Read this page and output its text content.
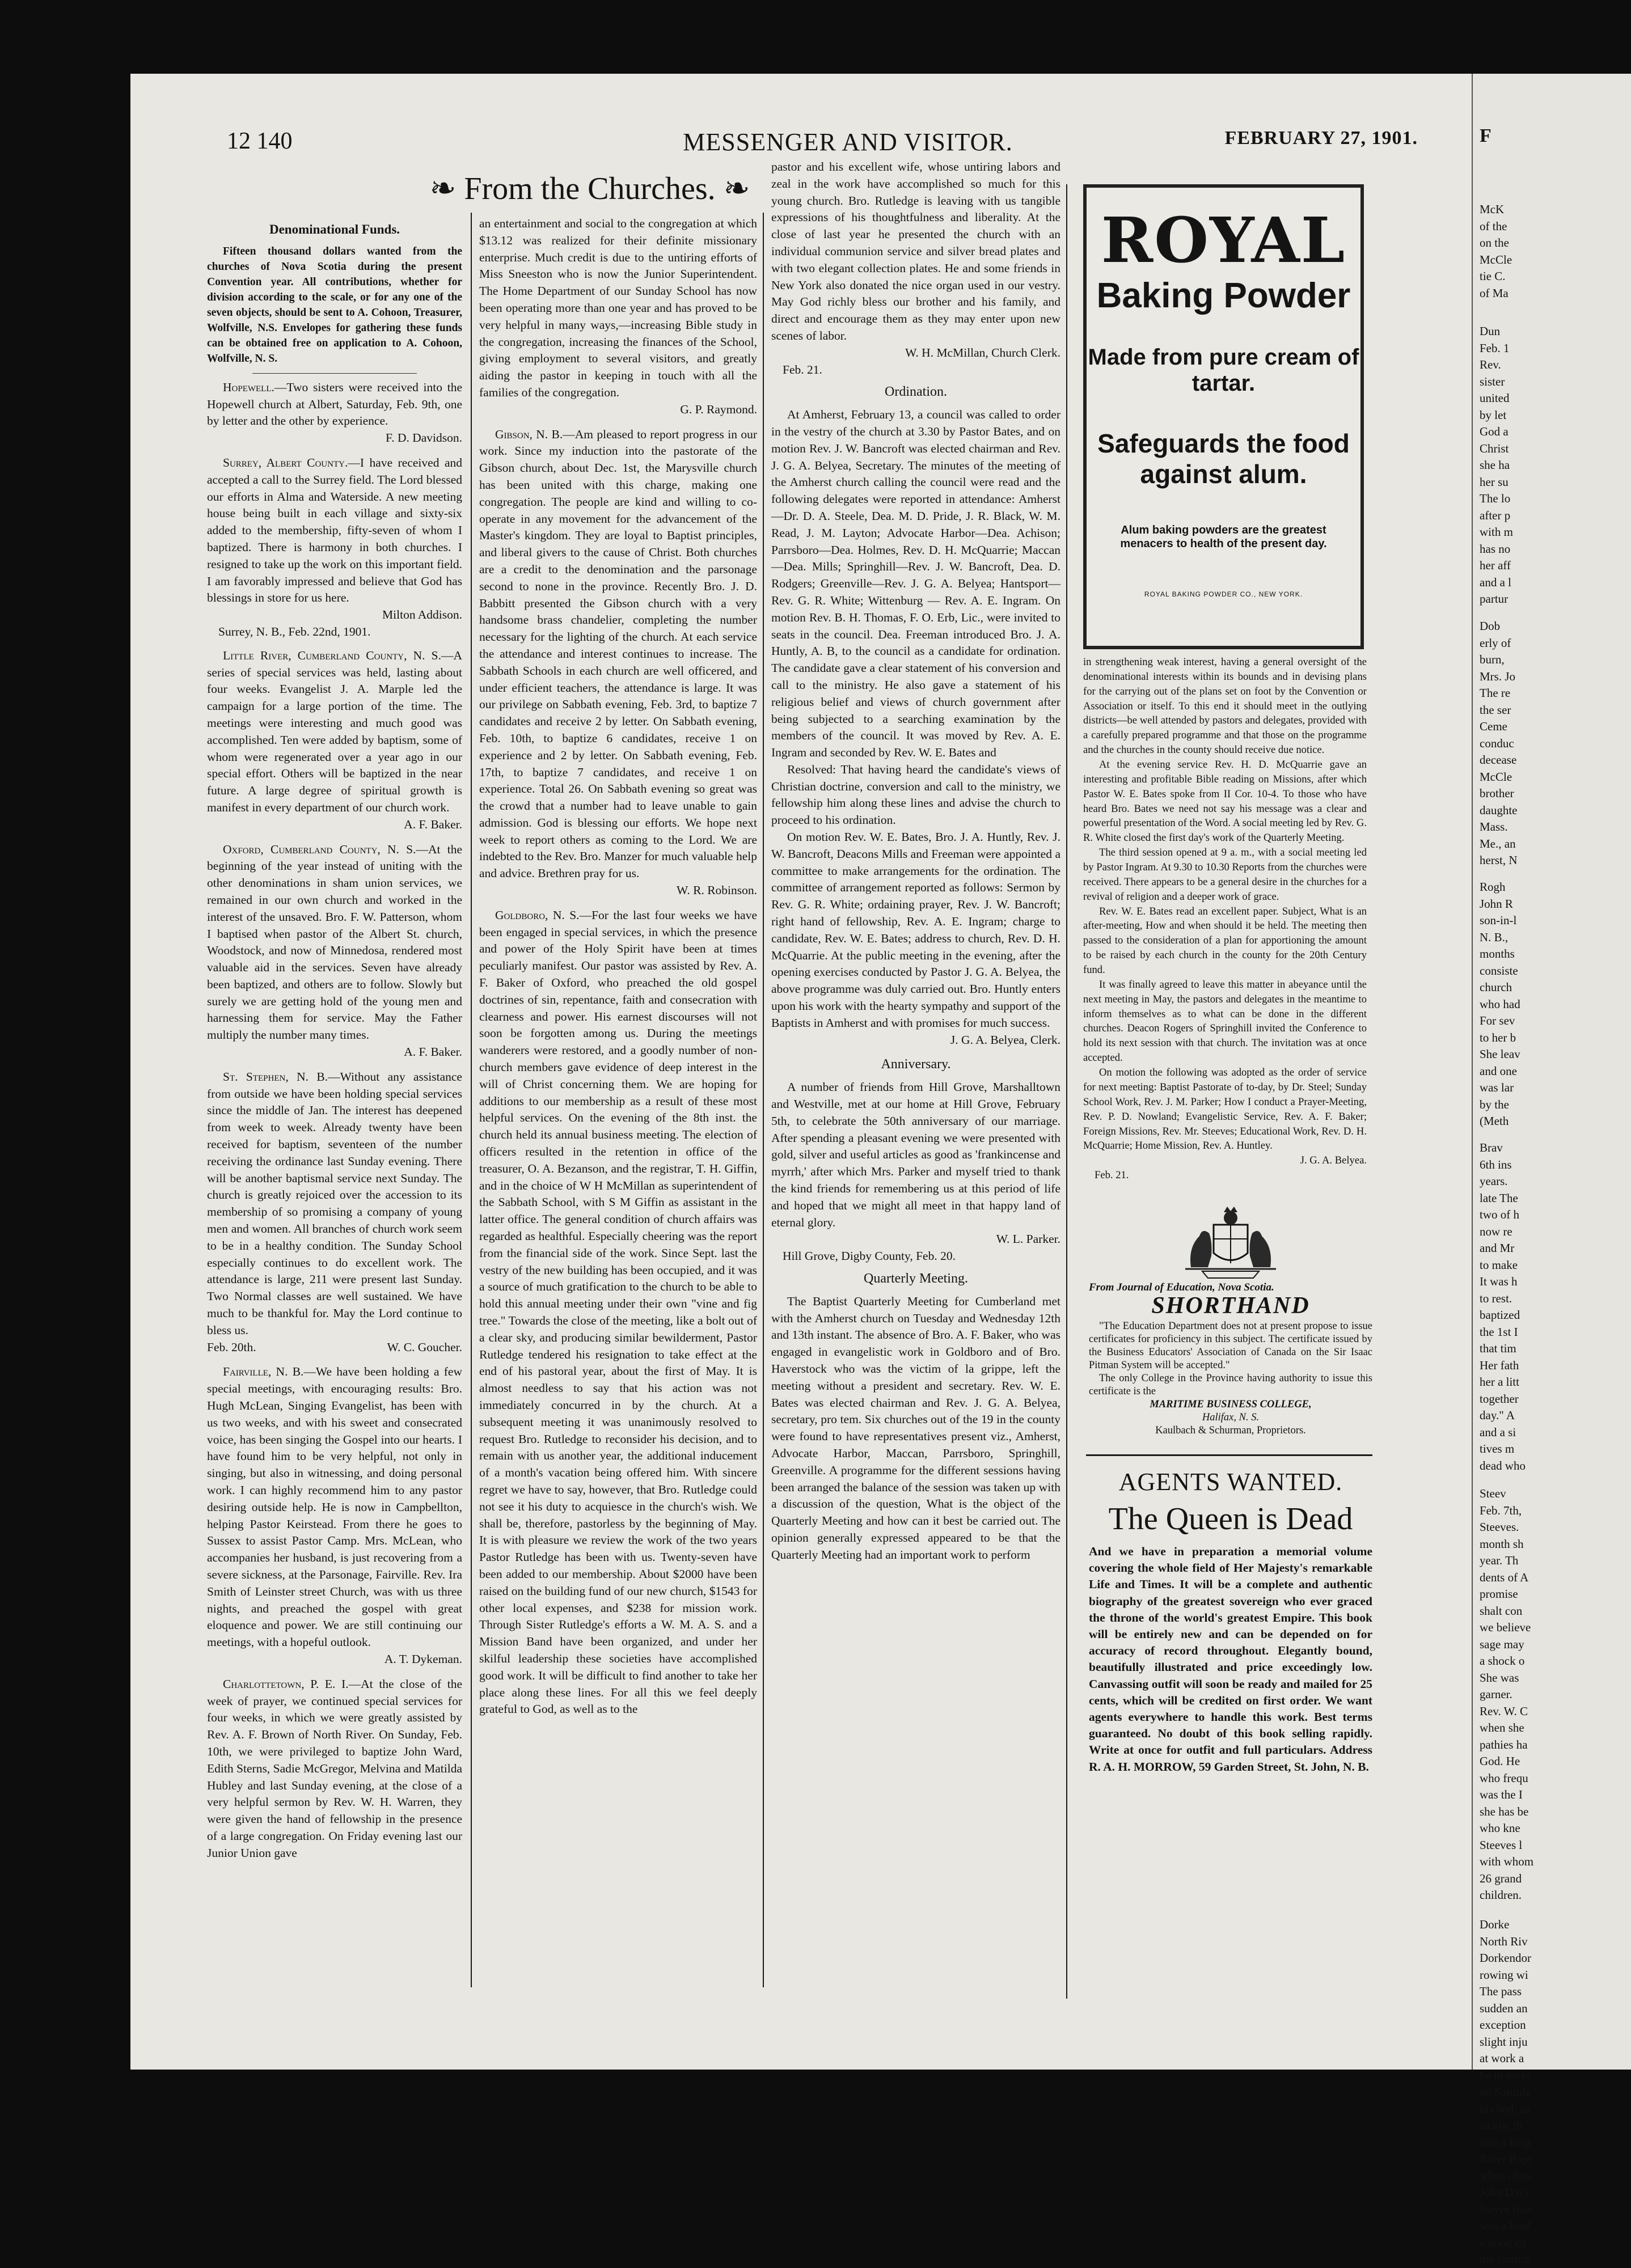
12 140	MESSENGER AND VISITOR.	FEBRUARY 27, 1901.
❧ From the Churches. ❧
Denominational Funds.

Fifteen thousand dollars wanted from the churches of Nova Scotia during the present Convention year. All contributions, whether for division according to the scale, or for any one of the seven objects, should be sent to A. Cohoon, Treasurer, Wolfville, N.S. Envelopes for gathering these funds can be obtained free on application to A. Cohoon, Wolfville, N. S.

Hopewell.—Two sisters were received into the Hopewell church at Albert, Saturday, Feb. 9th, one by letter and the other by experience.

F. D. Davidson.

Surrey, Albert County.—I have received and accepted a call to the Surrey field. The Lord blessed our efforts in Alma and Waterside. A new meeting house being built in each village and sixty-six added to the membership, fifty-seven of whom I baptized. There is harmony in both churches. I resigned to take up the work on this important field. I am favorably impressed and believe that God has blessings in store for us here.

Milton Addison.

Surrey, N. B., Feb. 22nd, 1901.

Little River, Cumberland County, N. S.—A series of special services was held, lasting about four weeks. Evangelist J. A. Marple led the campaign for a large portion of the time. The meetings were interesting and much good was accomplished. Ten were added by baptism, some of whom were regenerated over a year ago in our special effort. Others will be baptized in the near future. A large degree of spiritual growth is manifest in every department of our church work.

A. F. Baker.

Oxford, Cumberland County, N. S.—At the beginning of the year instead of uniting with the other denominations in sham union services, we remained in our own church and worked in the interest of the unsaved. Bro. F. W. Patterson, whom I baptised when pastor of the Albert St. church, Woodstock, and now of Minnedosa, rendered most valuable aid in the services. Seven have already been baptized, and others are to follow. Slowly but surely we are getting hold of the young men and harnessing them for service. May the Father multiply the number many times.

A. F. Baker.

St. Stephen, N. B.—Without any assistance from outside we have been holding special services since the middle of Jan. The interest has deepened from week to week. Already twenty have been received for baptism, seventeen of the number receiving the ordinance last Sunday evening. There will be another baptismal service next Sunday. The church is greatly rejoiced over the accession to its membership of so promising a company of young men and women. All branches of church work seem to be in a healthy condition. The Sunday School especially continues to do excellent work. The attendance is large, 211 were present last Sunday. Two Normal classes are well sustained. We have much to be thankful for. May the Lord continue to bless us.

Feb. 20th.	W. C. Goucher.

Fairville, N. B.—We have been holding a few special meetings, with encouraging results: Bro. Hugh McLean, Singing Evangelist, has been with us two weeks, and with his sweet and consecrated voice, has been singing the Gospel into our hearts. I have found him to be very helpful, not only in singing, but also in witnessing, and doing personal work. I can highly recommend him to any pastor desiring outside help. He is now in Campbellton, helping Pastor Keirstead. From there he goes to Sussex to assist Pastor Camp. Mrs. McLean, who accompanies her husband, is just recovering from a severe sickness, at the Parsonage, Fairville. Rev. Ira Smith of Leinster street Church, was with us three nights, and preached the gospel with great eloquence and power. We are still continuing our meetings, with a hopeful outlook.

A. T. Dykeman.

Charlottetown, P. E. I.—At the close of the week of prayer, we continued special services for four weeks, in which we were greatly assisted by Rev. A. F. Brown of North River. On Sunday, Feb. 10th, we were privileged to baptize John Ward, Edith Sterns, Sadie McGregor, Melvina and Matilda Hubley and last Sunday evening, at the close of a very helpful sermon by Rev. W. H. Warren, they were given the hand of fellowship in the presence of a large congregation. On Friday evening last our Junior Union gave

an entertainment and social to the congregation at which $13.12 was realized for their definite missionary enterprise. Much credit is due to the untiring efforts of Miss Sneeston who is now the Junior Superintendent. The Home Department of our Sunday School has now been operating more than one year and has proved to be very helpful in many ways,—increasing Bible study in the congregation, increasing the finances of the School, giving employment to several visitors, and greatly aiding the pastor in keeping in touch with all the families of the congregation.

G. P. Raymond.

Gibson, N. B.—Am pleased to report progress in our work. Since my induction into the pastorate of the Gibson church, about Dec. 1st, the Marysville church has been united with this charge, making one congregation. The people are kind and willing to co-operate in any movement for the advancement of the Master's kingdom. They are loyal to Baptist principles, and liberal givers to the cause of Christ. Both churches are a credit to the denomination and the parsonage second to none in the province. Recently Bro. J. D. Babbitt presented the Gibson church with a very handsome brass chandelier, completing the number necessary for the lighting of the church. At each service the attendance and interest continues to increase. The Sabbath Schools in each church are well officered, and under efficient teachers, the attendance is large. It was our privilege on Sabbath evening, Feb. 3rd, to baptize 7 candidates and receive 2 by letter. On Sabbath evening, Feb. 10th, to baptize 6 candidates, receive 1 on experience and 2 by letter. On Sabbath evening, Feb. 17th, to baptize 7 candidates, and receive 1 on experience. Total 26. On Sabbath evening so great was the crowd that a number had to leave unable to gain admission. God is blessing our efforts. We hope next week to report others as coming to the Lord. We are indebted to the Rev. Bro. Manzer for much valuable help and advice. Brethren pray for us.

W. R. Robinson.

Goldboro, N. S.—For the last four weeks we have been engaged in special services, in which the presence and power of the Holy Spirit have been at times peculiarly manifest. Our pastor was assisted by Rev. A. F. Baker of Oxford, who preached the old gospel doctrines of sin, repentance, faith and consecration with clearness and power. His earnest discourses will not soon be forgotten among us. During the meetings wanderers were restored, and a goodly number of non-church members gave evidence of deep interest in the will of Christ concerning them. We are hoping for additions to our membership as a result of these most helpful services. On the evening of the 8th inst. the church held its annual business meeting. The election of officers resulted in the retention in office of the treasurer, O. A. Bezanson, and the registrar, T. H. Giffin, and in the choice of W H McMillan as superintendent of the Sabbath School, with S M Giffin as assistant in the latter office. The general condition of church affairs was regarded as healthful. Especially cheering was the report from the financial side of the work. Since Sept. last the vestry of the new building has been occupied, and it was a source of much gratification to the church to be able to hold this annual meeting under their own "vine and fig tree." Towards the close of the meeting, like a bolt out of a clear sky, and producing similar bewilderment, Pastor Rutledge tendered his resignation to take effect at the end of his pastoral year, about the first of May. It is almost needless to say that his action was not immediately concurred in by the church. At a subsequent meeting it was unanimously resolved to request Bro. Rutledge to reconsider his decision, and to remain with us another year, the additional inducement of a month's vacation being offered him. With sincere regret we have to say, however, that Bro. Rutledge could not see it his duty to acquiesce in the church's wish. We shall be, therefore, pastorless by the beginning of May. It is with pleasure we review the work of the two years Pastor Rutledge has been with us. Twenty-seven have been added to our membership. About $2000 have been raised on the building fund of our new church, $1543 for other local expenses, and $238 for mission work. Through Sister Rutledge's efforts a W. M. A. S. and a Mission Band have been organized, and under her skilful leadership these societies have accomplished good work. It will be difficult to find another to take her place along these lines. For all this we feel deeply grateful to God, as well as to the

pastor and his excellent wife, whose untiring labors and zeal in the work have accomplished so much for this young church. Bro. Rutledge is leaving with us tangible expressions of his thoughtfulness and liberality. At the close of last year he presented the church with an individual communion service and silver bread plates and with two elegant collection plates. He and some friends in New York also donated the nice organ used in our vestry. May God richly bless our brother and his family, and direct and encourage them as they may enter upon new scenes of labor.

W. H. McMillan, Church Clerk.

Feb. 21.

Ordination.

At Amherst, February 13, a council was called to order in the vestry of the church at 3.30 by Pastor Bates, and on motion Rev. J. W. Bancroft was elected chairman and Rev. J. G. A. Belyea, Secretary. The minutes of the meeting of the Amherst church calling the council were read and the following delegates were reported in attendance: Amherst—Dr. D. A. Steele, Dea. M. D. Pride, J. R. Black, W. M. Read, J. M. Layton; Advocate Harbor—Dea. Achison; Parrsboro—Dea. Holmes, Rev. D. H. McQuarrie; Maccan—Dea. Mills; Springhill—Rev. J. W. Bancroft, Dea. D. Rodgers; Greenville—Rev. J. G. A. Belyea; Hantsport—Rev. G. R. White; Wittenburg — Rev. A. E. Ingram. On motion Rev. B. H. Thomas, F. O. Erb, Lic., were invited to seats in the council. Dea. Freeman introduced Bro. J. A. Huntly, A. B, to the council as a candidate for ordination. The candidate gave a clear statement of his conversion and call to the ministry. He also gave a statement of his religious belief and views of church government after being subjected to a searching examination by the members of the council. It was moved by Rev. A. E. Ingram and seconded by Rev. W. E. Bates and

Resolved: That having heard the candidate's views of Christian doctrine, conversion and call to the ministry, we fellowship him along these lines and advise the church to proceed to his ordination.

On motion Rev. W. E. Bates, Bro. J. A. Huntly, Rev. J. W. Bancroft, Deacons Mills and Freeman were appointed a committee to make arrangements for the ordination. The committee of arrangement reported as follows: Sermon by Rev. G. R. White; ordaining prayer, Rev. J. W. Bancroft; right hand of fellowship, Rev. A. E. Ingram; charge to candidate, Rev. W. E. Bates; address to church, Rev. D. H. McQuarrie. At the public meeting in the evening, after the opening exercises conducted by Pastor J. G. A. Belyea, the above programme was duly carried out. Bro. Huntly enters upon his work with the hearty sympathy and support of the Baptists in Amherst and with promises for much success.

J. G. A. Belyea, Clerk.

Anniversary.

A number of friends from Hill Grove, Marshalltown and Westville, met at our home at Hill Grove, February 5th, to celebrate the 50th anniversary of our marriage. After spending a pleasant evening we were presented with gold, silver and useful articles as good as 'frankincense and myrrh,' after which Mrs. Parker and myself tried to thank the kind friends for remembering us at this period of life and hoped that we might all meet in that happy land of eternal glory.

W. L. Parker.

Hill Grove, Digby County, Feb. 20.

Quarterly Meeting.

The Baptist Quarterly Meeting for Cumberland met with the Amherst church on Tuesday and Wednesday 12th and 13th instant. The absence of Bro. A. F. Baker, who was engaged in evangelistic work in Goldboro and of Bro. Haverstock who was the victim of la grippe, left the meeting without a president and secretary. Rev. W. E. Bates was elected chairman and Rev. J. G. A. Belyea, secretary, pro tem. Six churches out of the 19 in the county were found to have representatives present viz., Amherst, Advocate Harbor, Maccan, Parrsboro, Springhill, Greenville. A programme for the different sessions having been arranged the balance of the session was taken up with a discussion of the question, What is the object of the Quarterly Meeting and how can it best be carried out. The opinion generally expressed appeared to be that the Quarterly Meeting had an important work to perform

ROYAL
Baking Powder
Made from pure cream of tartar.
Safeguards the food against alum.
Alum baking powders are the greatest menacers to health of the present day.
ROYAL BAKING POWDER CO., NEW YORK.

in strengthening weak interest, having a general oversight of the denominational interests within its bounds and in devising plans for the carrying out of the plans set on foot by the Convention or Association or itself. To this end it should meet in the outlying districts—be well attended by pastors and delegates, provided with a carefully prepared programme and that those on the programme and the churches in the county should receive due notice.

At the evening service Rev. H. D. McQuarrie gave an interesting and profitable Bible reading on Missions, after which Pastor W. E. Bates spoke from II Cor. 10-4. To those who have heard Bro. Bates we need not say his message was a clear and powerful presentation of the Word. A social meeting led by Rev. G. R. White closed the first day's work of the Quarterly Meeting.

The third session opened at 9 a. m., with a social meeting led by Pastor Ingram. At 9.30 to 10.30 Reports from the churches were received. There appears to be a general desire in the churches for a revival of religion and a deeper work of grace.

Rev. W. E. Bates read an excellent paper. Subject, What is an after-meeting, How and when should it be held. The meeting then passed to the consideration of a plan for apportioning the amount to be raised by each church in the county for the 20th Century fund.

It was finally agreed to leave this matter in abeyance until the next meeting in May, the pastors and delegates in the meantime to inform themselves as to what can be done in the different churches. Deacon Rogers of Springhill invited the Conference to hold its next session with that church. The invitation was at once accepted.

On motion the following was adopted as the order of service for next meeting: Baptist Pastorate of to-day, by Dr. Steel; Sunday School Work, Rev. J. M. Parker; How I conduct a Prayer-Meeting, Rev. P. D. Nowland; Evangelistic Service, Rev. A. F. Baker; Foreign Missions, Rev. Mr. Steeves; Educational Work, Rev. D. H. McQuarrie; Home Mission, Rev. A. Huntley.

J. G. A. Belyea.

Feb. 21.

From Journal of Education, Nova Scotia.
SHORTHAND

"The Education Department does not at present propose to issue certificates for proficiency in this subject. The certificate issued by the Business Educators' Association of Canada on the Sir Isaac Pitman System will be accepted."

The only College in the Province having authority to issue this certificate is the

MARITIME BUSINESS COLLEGE,
Halifax, N. S.
Kaulbach & Schurman, Proprietors.
AGENTS WANTED.
The Queen is Dead
And we have in preparation a memorial volume covering the whole field of Her Majesty's remarkable Life and Times. It will be a complete and authentic biography of the greatest sovereign who ever graced the throne of the world's greatest Empire. This book will be entirely new and can be depended on for accuracy of record throughout. Elegantly bound, beautifully illustrated and price exceedingly low. Canvassing outfit will soon be ready and mailed for 25 cents, which will be credited on first order. We want agents everywhere to handle this work. Best terms guaranteed. No doubt of this book selling rapidly. Write at once for outfit and full particulars. Address R. A. H. MORROW, 59 Garden Street, St. John, N. B.
F
McK
of the
on the
McCle
tie C.
of Ma
Dun
Feb. 1
Rev.
sister
united
by let
God a
Christ
she ha
her su
The lo
after p
with m
has no
her aff
and a l
partur
Dob
erly of
burn,
Mrs. Jo
The re
the ser
Ceme
conduc
decease
McCle
brother
daughte
Mass.
Me., an
herst, N
Rogh
John R
son-in-l
N. B.,
months
consiste
church
who had
For sev
to her b
She leav
and one
was lar
by the
(Meth
Brav
6th ins
years.
late The
two of h
now re
and Mr
to make
It was h
to rest.
baptized
the 1st I
that tim
Her fath
her a litt
together
day." A
and a si
tives m
dead who
Steev
Feb. 7th,
Steeves.
month sh
year. Th
dents of A
promise
shalt con
we believe
sage may
a shock o
She was
garner.
Rev. W. C
when she
pathies ha
God. He
who frequ
was the I
she has be
who kne
Steeves l
with whom
26 grand
children.
Dorke
North Riv
Dorkendor
rowing wi
The pass
sudden an
exception
slight inju
at work a
be in perfe
on Saturda
his bed, an
sickly, th
was a long
River Bapt
when abou
John Davi
leaves four
was a kind
a good cit
the church
